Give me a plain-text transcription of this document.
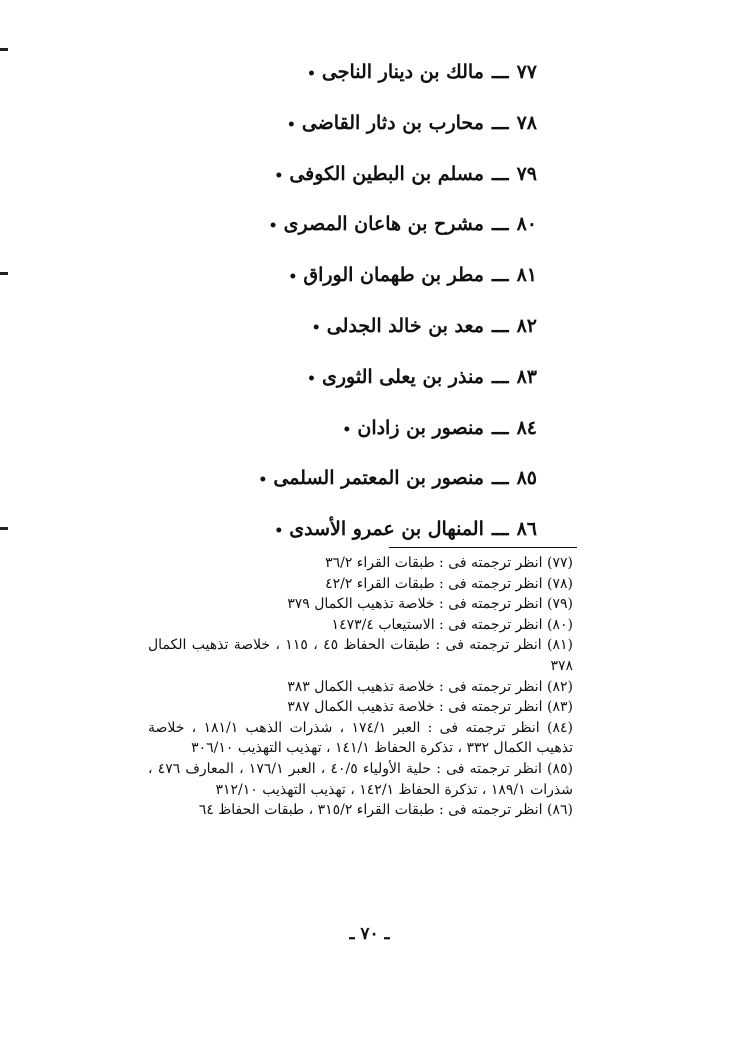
٧٧ـــمالك بن دينار الناجى•
٧٨ـــمحارب بن دثار القاضى•
٧٩ـــمسلم بن البطين الكوفى•
٨٠ـــمشرح بن هاعان المصرى•
٨١ـــمطر بن طهمان الوراق•
٨٢ـــمعد بن خالد الجدلى•
٨٣ـــمنذر بن يعلى الثورى•
٨٤ـــمنصور بن زادان•
٨٥ـــمنصور بن المعتمر السلمى•
٨٦ـــالمنهال بن عمرو الأسدى•
(٧٧) انظر ترجمته فى : طبقات القراء ٣٦/٢
(٧٨) انظر ترجمته فى : طبقات القراء ٤٢/٢
(٧٩) انظر ترجمته فى : خلاصة تذهيب الكمال ٣٧٩
(٨٠) انظر ترجمته فى : الاستيعاب ١٤٧٣/٤
(٨١) انظر ترجمته فى : طبقات الحفاظ ٤٥ ، ١١٥ ، خلاصة تذهيب الكمال ٣٧٨
(٨٢) انظر ترجمته فى : خلاصة تذهيب الكمال ٣٨٣
(٨٣) انظر ترجمته فى : خلاصة تذهيب الكمال ٣٨٧
(٨٤) انظر ترجمته فى : العبر ١٧٤/١ ، شذرات الذهب ١٨١/١ ، خلاصة تذهيب الكمال ٣٣٢ ، تذكرة الحفاظ ١٤١/١ ، تهذيب التهذيب ٣٠٦/١٠
(٨٥) انظر ترجمته فى : حلية الأولياء ٤٠/٥ ، العبر ١٧٦/١ ، المعارف ٤٧٦ ، شذرات ١٨٩/١ ، تذكرة الحفاظ ١٤٢/١ ، تهذيب التهذيب ٣١٢/١٠
(٨٦) انظر ترجمته فى : طبقات القراء ٣١٥/٢ ، طبقات الحفاظ ٦٤
ـ ٧٠ ـ
